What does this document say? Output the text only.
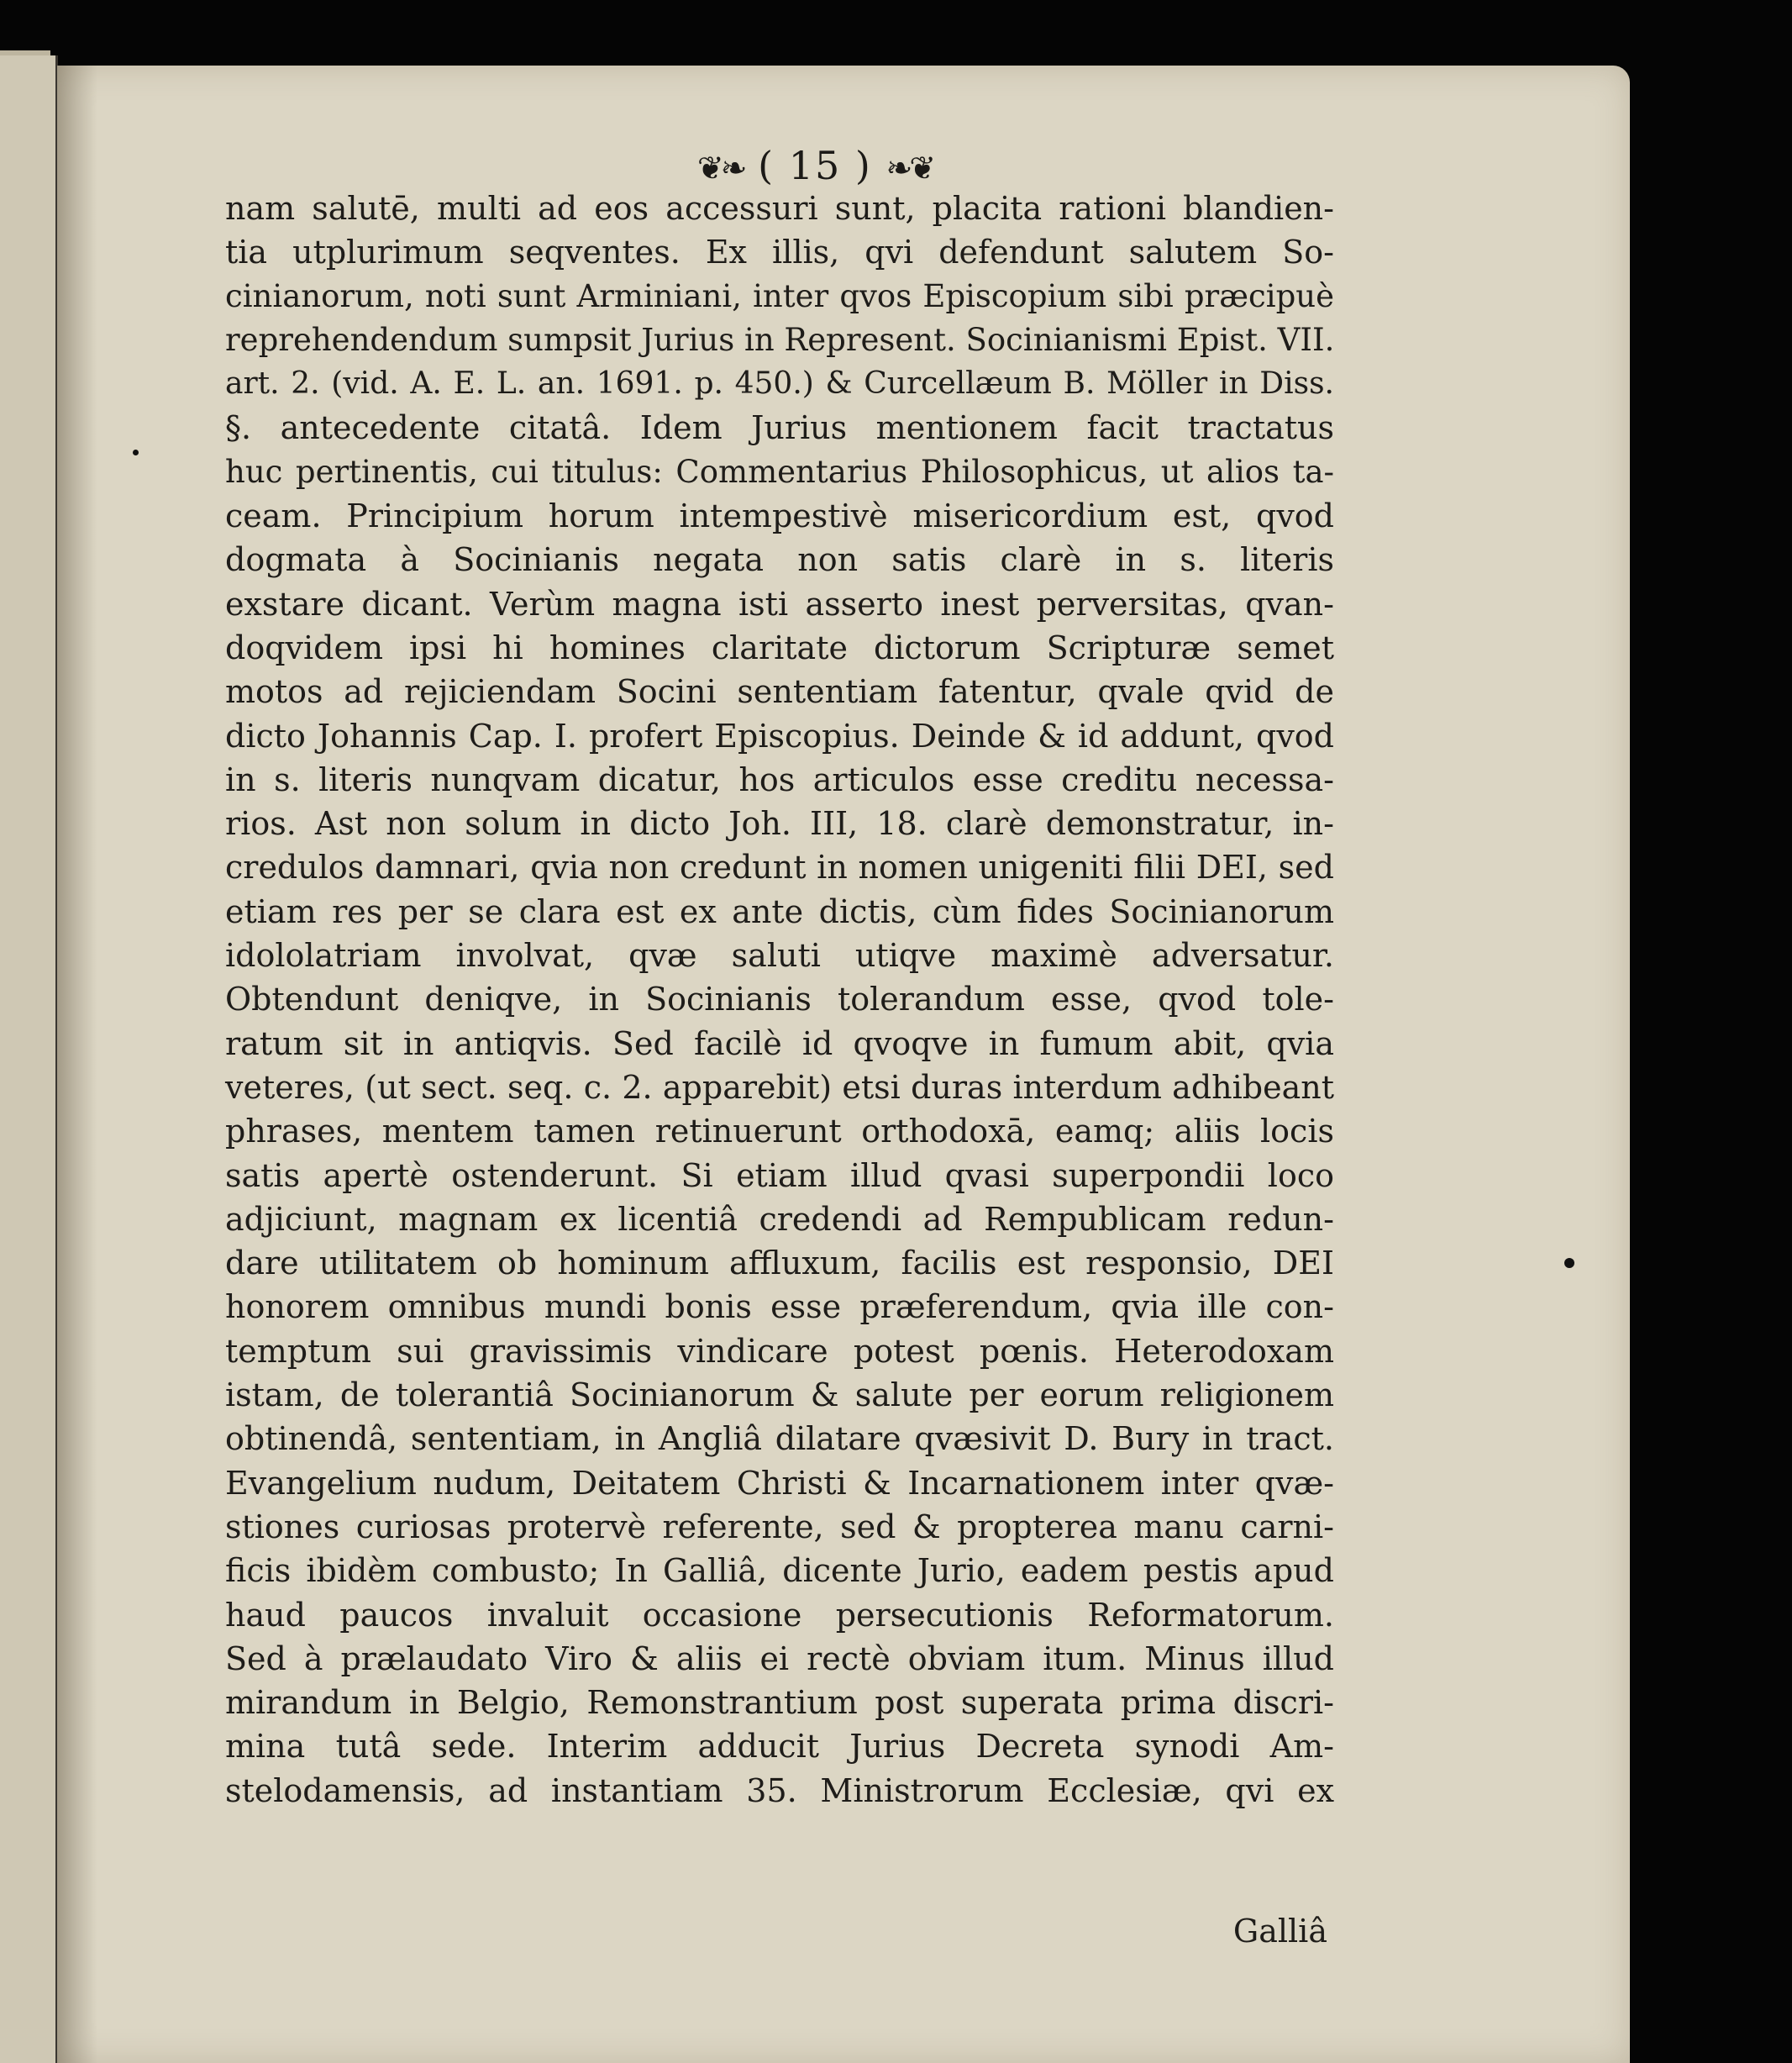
❦❧ ( 15 ) ❧❦
nam salutē, multi ad eos accessuri sunt, placita rationi blandien-
tia utplurimum seqventes. Ex illis, qvi defendunt salutem So-
cinianorum, noti sunt Arminiani, inter qvos Episcopium sibi præcipuè
reprehendendum sumpsit Jurius in Represent. Socinianismi Epist. VII.
art. 2. (vid. A. E. L. an. 1691. p. 450.) & Curcellæum B. Möller in Diss.
§. antecedente citatâ. Idem Jurius mentionem facit tractatus
huc pertinentis, cui titulus: Commentarius Philosophicus, ut alios ta-
ceam. Principium horum intempestivè misericordium est, qvod
dogmata à Socinianis negata non satis clarè in s. literis
exstare dicant. Verùm magna isti asserto inest perversitas, qvan-
doqvidem ipsi hi homines claritate dictorum Scripturæ semet
motos ad rejiciendam Socini sententiam fatentur, qvale qvid de
dicto Johannis Cap. I. profert Episcopius. Deinde & id addunt, qvod
in s. literis nunqvam dicatur, hos articulos esse creditu necessa-
rios. Ast non solum in dicto Joh. III, 18. clarè demonstratur, in-
credulos damnari, qvia non credunt in nomen unigeniti filii DEI, sed
etiam res per se clara est ex ante dictis, cùm fides Socinianorum
idololatriam involvat, qvæ saluti utiqve maximè adversatur.
Obtendunt deniqve, in Socinianis tolerandum esse, qvod tole-
ratum sit in antiqvis. Sed facilè id qvoqve in fumum abit, qvia
veteres, (ut sect. seq. c. 2. apparebit) etsi duras interdum adhibeant
phrases, mentem tamen retinuerunt orthodoxā, eamq; aliis locis
satis apertè ostenderunt. Si etiam illud qvasi superpondii loco
adjiciunt, magnam ex licentiâ credendi ad Rempublicam redun-
dare utilitatem ob hominum affluxum, facilis est responsio, DEI
honorem omnibus mundi bonis esse præferendum, qvia ille con-
temptum sui gravissimis vindicare potest pœnis. Heterodoxam
istam, de tolerantiâ Socinianorum & salute per eorum religionem
obtinendâ, sententiam, in Angliâ dilatare qvæsivit D. Bury in tract.
Evangelium nudum, Deitatem Christi & Incarnationem inter qvæ-
stiones curiosas protervè referente, sed & propterea manu carni-
ficis ibidèm combusto; In Galliâ, dicente Jurio, eadem pestis apud
haud paucos invaluit occasione persecutionis Reformatorum.
Sed à prælaudato Viro & aliis ei rectè obviam itum. Minus illud
mirandum in Belgio, Remonstrantium post superata prima discri-
mina tutâ sede. Interim adducit Jurius Decreta synodi Am-
stelodamensis, ad instantiam 35. Ministrorum Ecclesiæ, qvi ex
Galliâ
